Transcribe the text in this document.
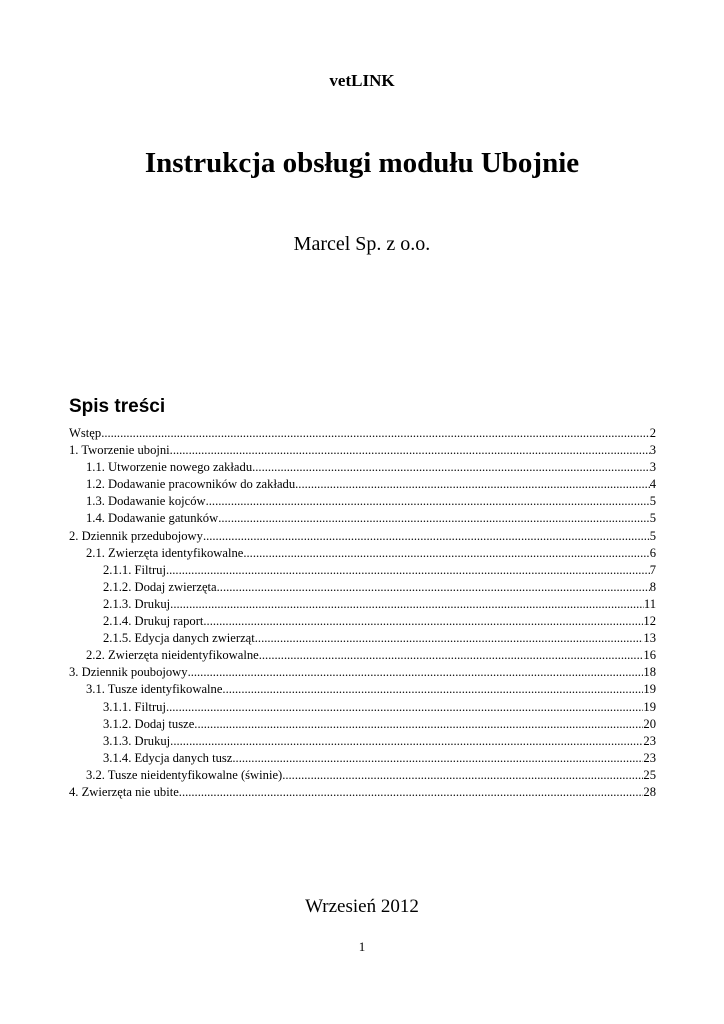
vetLINK
Instrukcja obsługi modułu Ubojnie
Marcel Sp. z o.o.
Spis treści
Wstęp .....	2
1. Tworzenie ubojni .....	3
1.1. Utworzenie nowego zakładu .....	3
1.2. Dodawanie pracowników do zakładu .....	4
1.3. Dodawanie kojców .....	5
1.4. Dodawanie gatunków .....	5
2. Dziennik przedubojowy .....	5
2.1. Zwierzęta identyfikowalne .....	6
2.1.1. Filtruj .....	7
2.1.2. Dodaj zwierzęta .....	8
2.1.3. Drukuj .....	11
2.1.4. Drukuj raport .....	12
2.1.5. Edycja danych zwierząt .....	13
2.2. Zwierzęta nieidentyfikowalne .....	16
3. Dziennik poubojowy .....	18
3.1. Tusze identyfikowalne .....	19
3.1.1. Filtruj .....	19
3.1.2. Dodaj tusze .....	20
3.1.3. Drukuj .....	23
3.1.4. Edycja danych tusz .....	23
3.2. Tusze nieidentyfikowalne (świnie) .....	25
4. Zwierzęta nie ubite .....	28
Wrzesień 2012
1
